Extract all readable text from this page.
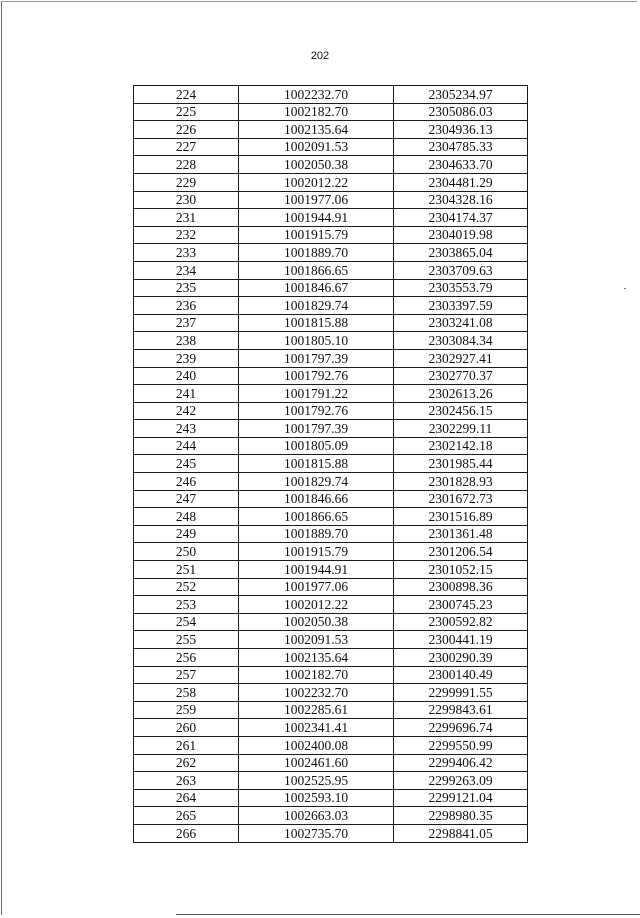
202
224	1002232.70	2305234.97
225	1002182.70	2305086.03
226	1002135.64	2304936.13
227	1002091.53	2304785.33
228	1002050.38	2304633.70
229	1002012.22	2304481.29
230	1001977.06	2304328.16
231	1001944.91	2304174.37
232	1001915.79	2304019.98
233	1001889.70	2303865.04
234	1001866.65	2303709.63
235	1001846.67	2303553.79
236	1001829.74	2303397.59
237	1001815.88	2303241.08
238	1001805.10	2303084.34
239	1001797.39	2302927.41
240	1001792.76	2302770.37
241	1001791.22	2302613.26
242	1001792.76	2302456.15
243	1001797.39	2302299.11
244	1001805.09	2302142.18
245	1001815.88	2301985.44
246	1001829.74	2301828.93
247	1001846.66	2301672.73
248	1001866.65	2301516.89
249	1001889.70	2301361.48
250	1001915.79	2301206.54
251	1001944.91	2301052.15
252	1001977.06	2300898.36
253	1002012.22	2300745.23
254	1002050.38	2300592.82
255	1002091.53	2300441.19
256	1002135.64	2300290.39
257	1002182.70	2300140.49
258	1002232.70	2299991.55
259	1002285.61	2299843.61
260	1002341.41	2299696.74
261	1002400.08	2299550.99
262	1002461.60	2299406.42
263	1002525.95	2299263.09
264	1002593.10	2299121.04
265	1002663.03	2298980.35
266	1002735.70	2298841.05
